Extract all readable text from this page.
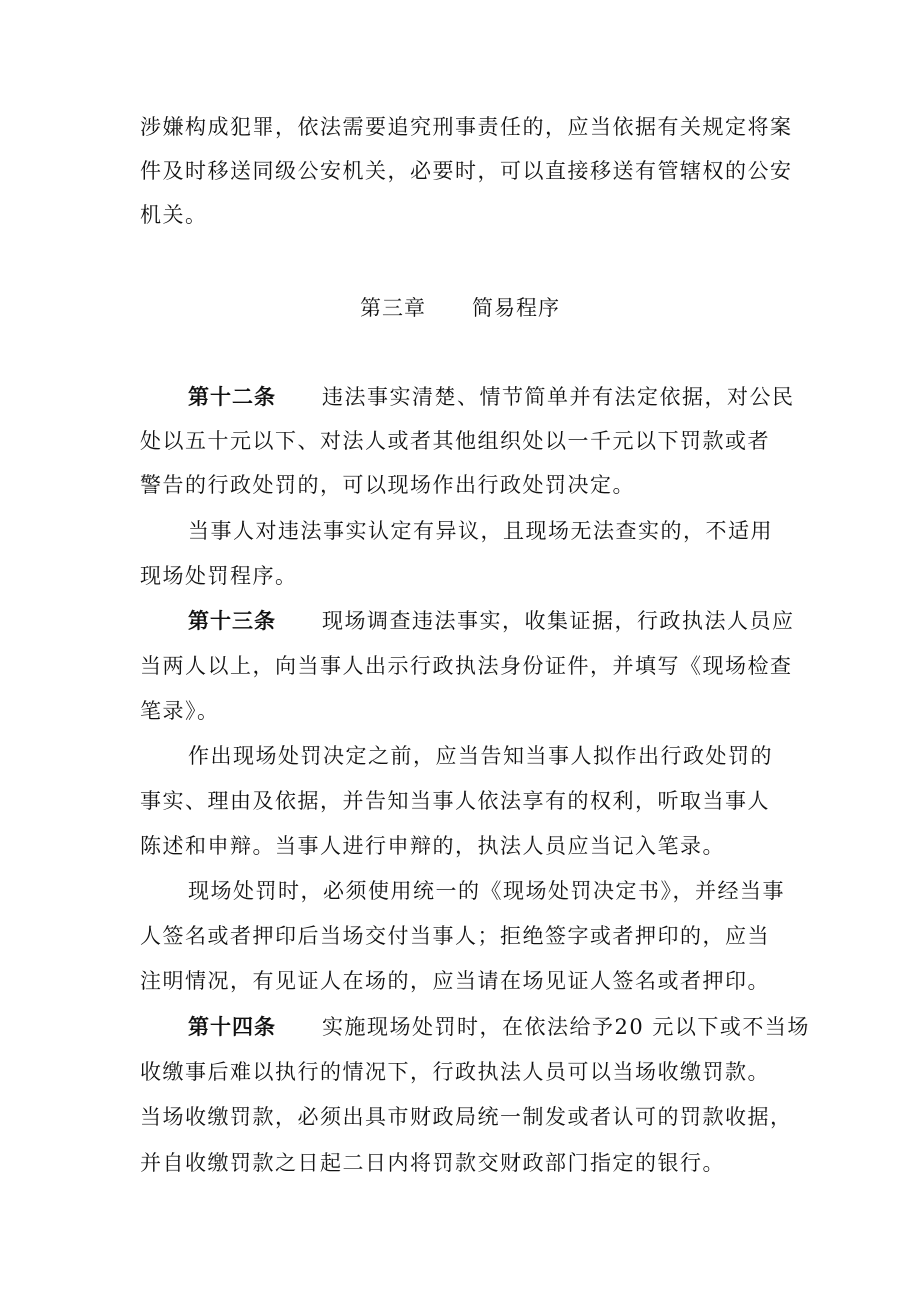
涉嫌构成犯罪，依法需要追究刑事责任的，应当依据有关规定将案
件及时移送同级公安机关，必要时，可以直接移送有管辖权的公安
机关。
第三章 简易程序
第十二条 违法事实清楚、情节简单并有法定依据，对公民
处以五十元以下、对法人或者其他组织处以一千元以下罚款或者
警告的行政处罚的，可以现场作出行政处罚决定。
当事人对违法事实认定有异议，且现场无法查实的，不适用
现场处罚程序。
第十三条 现场调查违法事实，收集证据，行政执法人员应
当两人以上，向当事人出示行政执法身份证件，并填写《现场检查
笔录》。
作出现场处罚决定之前，应当告知当事人拟作出行政处罚的
事实、理由及依据，并告知当事人依法享有的权利，听取当事人
陈述和申辩。当事人进行申辩的，执法人员应当记入笔录。
现场处罚时，必须使用统一的《现场处罚决定书》，并经当事
人签名或者押印后当场交付当事人；拒绝签字或者押印的，应当
注明情况，有见证人在场的，应当请在场见证人签名或者押印。
第十四条 实施现场处罚时，在依法给予20 元以下或不当场
收缴事后难以执行的情况下，行政执法人员可以当场收缴罚款。
当场收缴罚款，必须出具市财政局统一制发或者认可的罚款收据，
并自收缴罚款之日起二日内将罚款交财政部门指定的银行。
